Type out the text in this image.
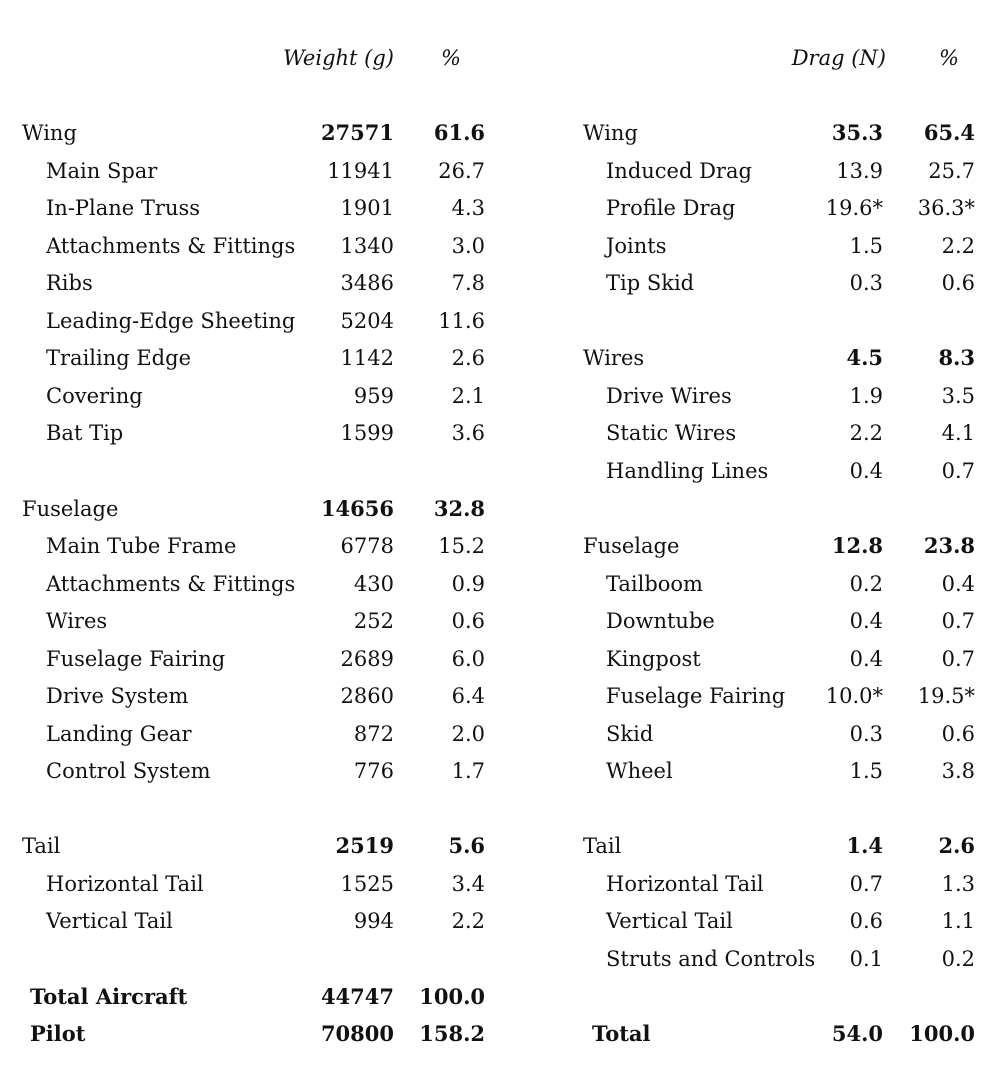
Weight (g) %
Wing	27571 61.6
Main Spar	11941 26.7
In-Plane Truss	1901	4.3
Attachments & Fittings 1340	3.0
Ribs	3486	7.8
Leading-Edge Sheeting 5204 11.6
Trailing Edge	1142	2.6
Covering	959	2.1
Bat Tip	1599	3.6
Fuselage	14656 32.8
Main Tube Frame	6778 15.2
Attachments & Fittings	430	0.9
Wires	252	0.6
Fuselage Fairing	2689	6.0
Drive System	2860	6.4
Landing Gear	872	2.0
Control System	776	1.7
Tail	2519	5.6
Horizontal Tail	1525	3.4
Vertical Tail	994	2.2
Total Aircraft	44747 100.0
Pilot	70800 158.2
Drag (N)	%
Wing	35.3 65.4
Induced Drag	13.9 25.7
Profile Drag	19.6* 36.3*
Joints	1.5	2.2
Tip Skid	0.3	0.6
Wires	4.5	8.3
Drive Wires	1.9	3.5
Static Wires	2.2	4.1
Handling Lines	0.4	0.7
Fuselage	12.8 23.8
Tailboom	0.2	0.4
Downtube	0.4	0.7
Kingpost	0.4	0.7
Fuselage Fairing 10.0* 19.5*
Skid	0.3	0.6
Wheel	1.5	3.8
Tail	1.4	2.6
Horizontal Tail	0.7	1.3
Vertical Tail	0.6	1.1
Struts and Controls 0.1	0.2
Total	54.0 100.0
